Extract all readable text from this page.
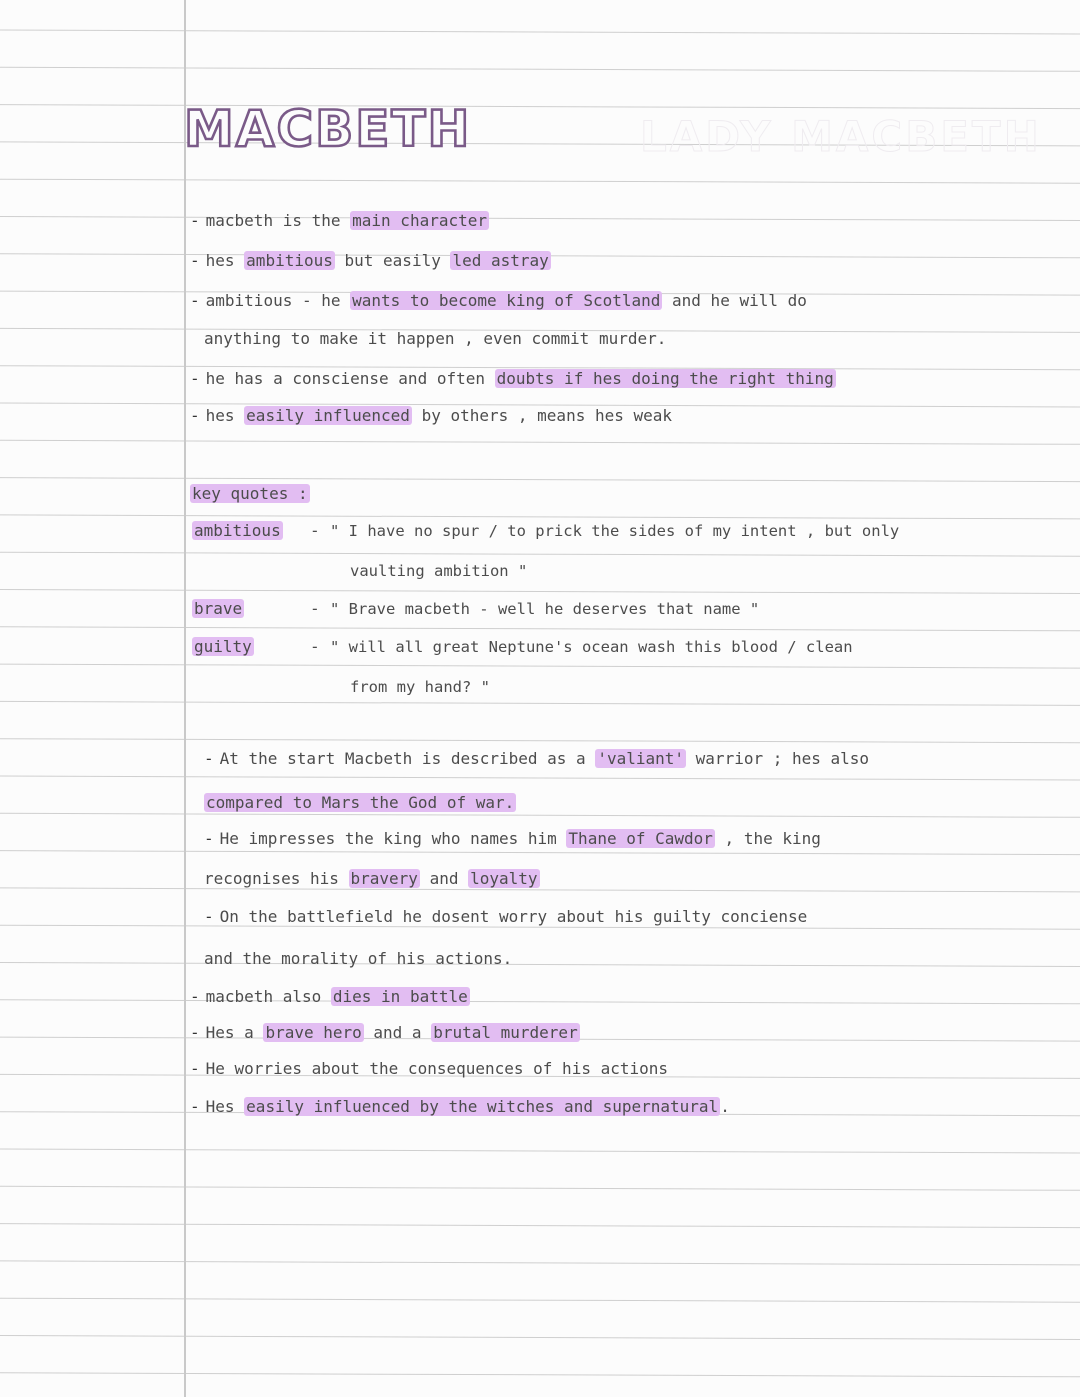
LADY MACBETH
MACBETH
- macbeth is the main character
- hes ambitious but easily led astray
- ambitious - he wants to become king of Scotland and he will do
anything to make it happen , even commit murder.
- he has a consciense and often doubts if hes doing the right thing
- hes easily influenced by others , means hes weak
key quotes :
ambitious - " I have no spur / to prick the sides of my intent , but only
vaulting ambition "
brave	- " Brave macbeth - well he deserves that name "
guilty	- " will all great Neptune's ocean wash this blood / clean
from my hand? "
- At the start Macbeth is described as a 'valiant' warrior ; hes also
compared to Mars the God of war.
- He impresses the king who names him Thane of Cawdor , the king
recognises his bravery and loyalty
- On the battlefield he dosent worry about his guilty conciense
and the morality of his actions.
- macbeth also dies in battle
- Hes a brave hero and a brutal murderer
- He worries about the consequences of his actions
- Hes easily influenced by the witches and supernatural .
